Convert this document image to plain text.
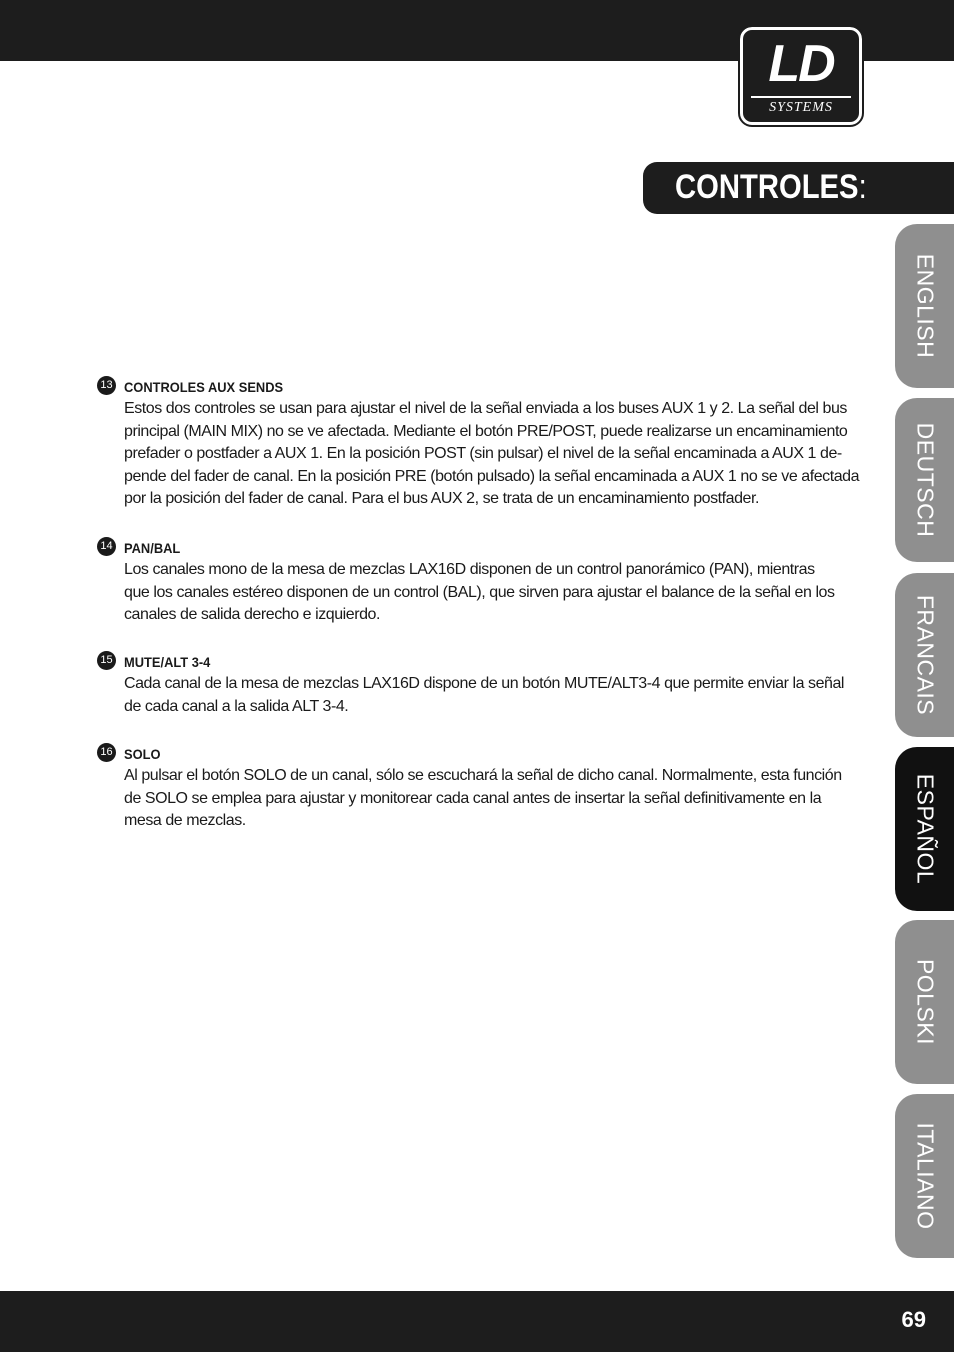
LD
SYSTEMS
CONTROLES:
ENGLISH
DEUTSCH
FRANCAIS
ESPAÑOL
POLSKI
ITALIANO
13 CONTROLES AUX SENDS
Estos dos controles se usan para ajustar el nivel de la señal enviada a los buses AUX 1 y 2. La señal del bus
principal (MAIN MIX) no se ve afectada. Mediante el botón PRE/POST, puede realizarse un encaminamiento
prefader o postfader a AUX 1. En la posición POST (sin pulsar) el nivel de la señal encaminada a AUX 1 de-
pende del fader de canal. En la posición PRE (botón pulsado) la señal encaminada a AUX 1 no se ve afectada
por la posición del fader de canal. Para el bus AUX 2, se trata de un encaminamiento postfader.
14 PAN/BAL
Los canales mono de la mesa de mezclas LAX16D disponen de un control panorámico (PAN), mientras
que los canales estéreo disponen de un control (BAL), que sirven para ajustar el balance de la señal en los
canales de salida derecho e izquierdo.
15 MUTE/ALT 3-4
Cada canal de la mesa de mezclas LAX16D dispone de un botón MUTE/ALT3-4 que permite enviar la señal
de cada canal a la salida ALT 3-4.
16 SOLO
Al pulsar el botón SOLO de un canal, sólo se escuchará la señal de dicho canal. Normalmente, esta función
de SOLO se emplea para ajustar y monitorear cada canal antes de insertar la señal definitivamente en la
mesa de mezclas.
69
